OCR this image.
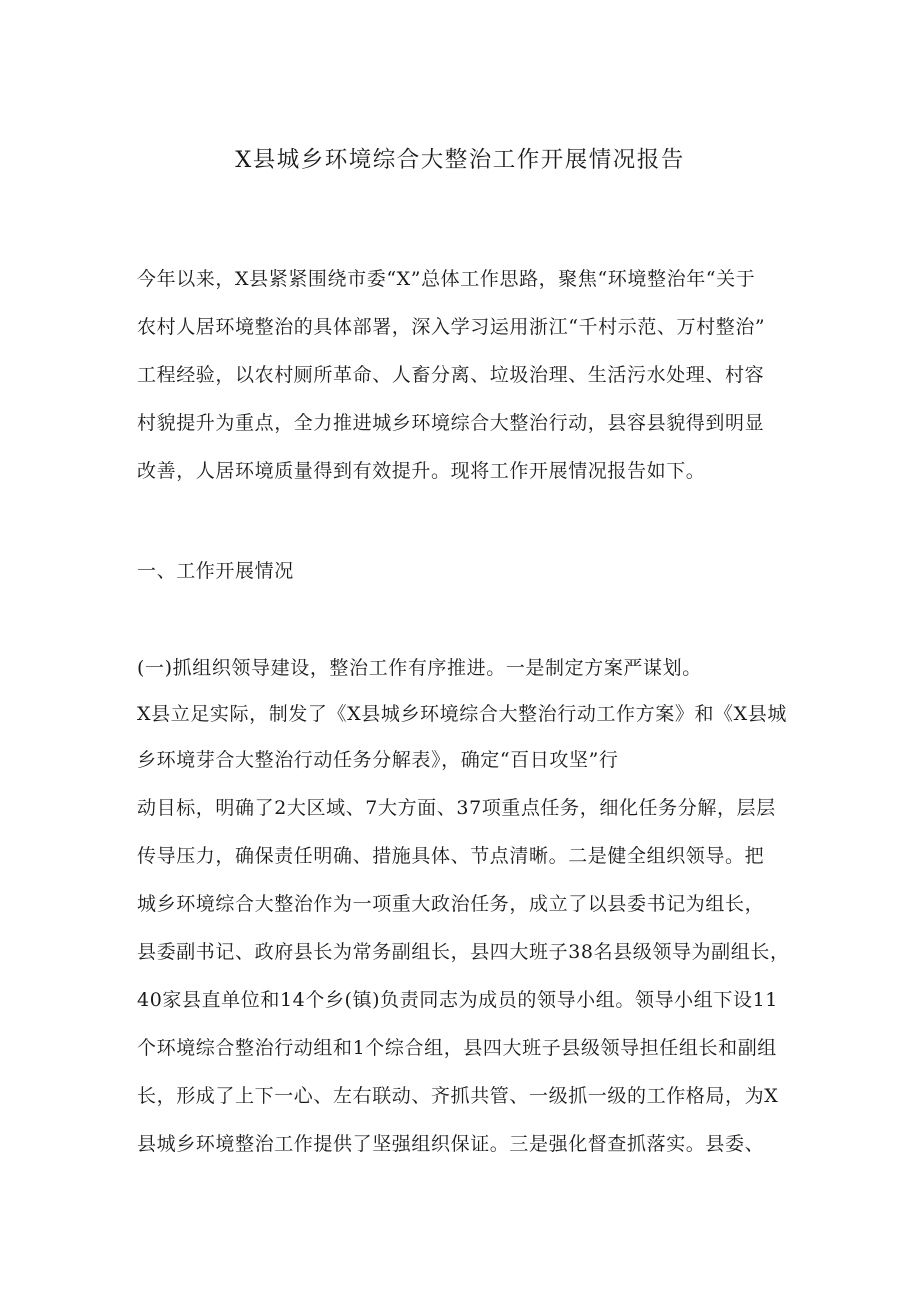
X县城乡环境综合大整治工作开展情况报告
今年以来，X县紧紧围绕市委“X”总体工作思路，聚焦“环境整治年“关于
农村人居环境整治的具体部署，深入学习运用浙江“千村示范、万村整治”
工程经验，以农村厕所革命、人畜分离、垃圾治理、生活污水处理、村容
村貌提升为重点，全力推进城乡环境综合大整治行动，县容县貌得到明显
改善，人居环境质量得到有效提升。现将工作开展情况报告如下。
一、工作开展情况
(一)抓组织领导建设，整治工作有序推进。一是制定方案严谋划。
X县立足实际，制发了《X县城乡环境综合大整治行动工作方案》和《X县城
乡环境芽合大整治行动任务分解表》，确定“百日攻坚”行
动目标，明确了2大区域、7大方面、37项重点任务，细化任务分解，层层
传导压力，确保责任明确、措施具体、节点清晰。二是健全组织领导。把
城乡环境综合大整治作为一项重大政治任务，成立了以县委书记为组长，
县委副书记、政府县长为常务副组长，县四大班子38名县级领导为副组长，
40家县直单位和14个乡(镇)负责同志为成员的领导小组。领导小组下设11
个环境综合整治行动组和1个综合组，县四大班子县级领导担任组长和副组
长，形成了上下一心、左右联动、齐抓共管、一级抓一级的工作格局，为X
县城乡环境整治工作提供了坚强组织保证。三是强化督查抓落实。县委、
